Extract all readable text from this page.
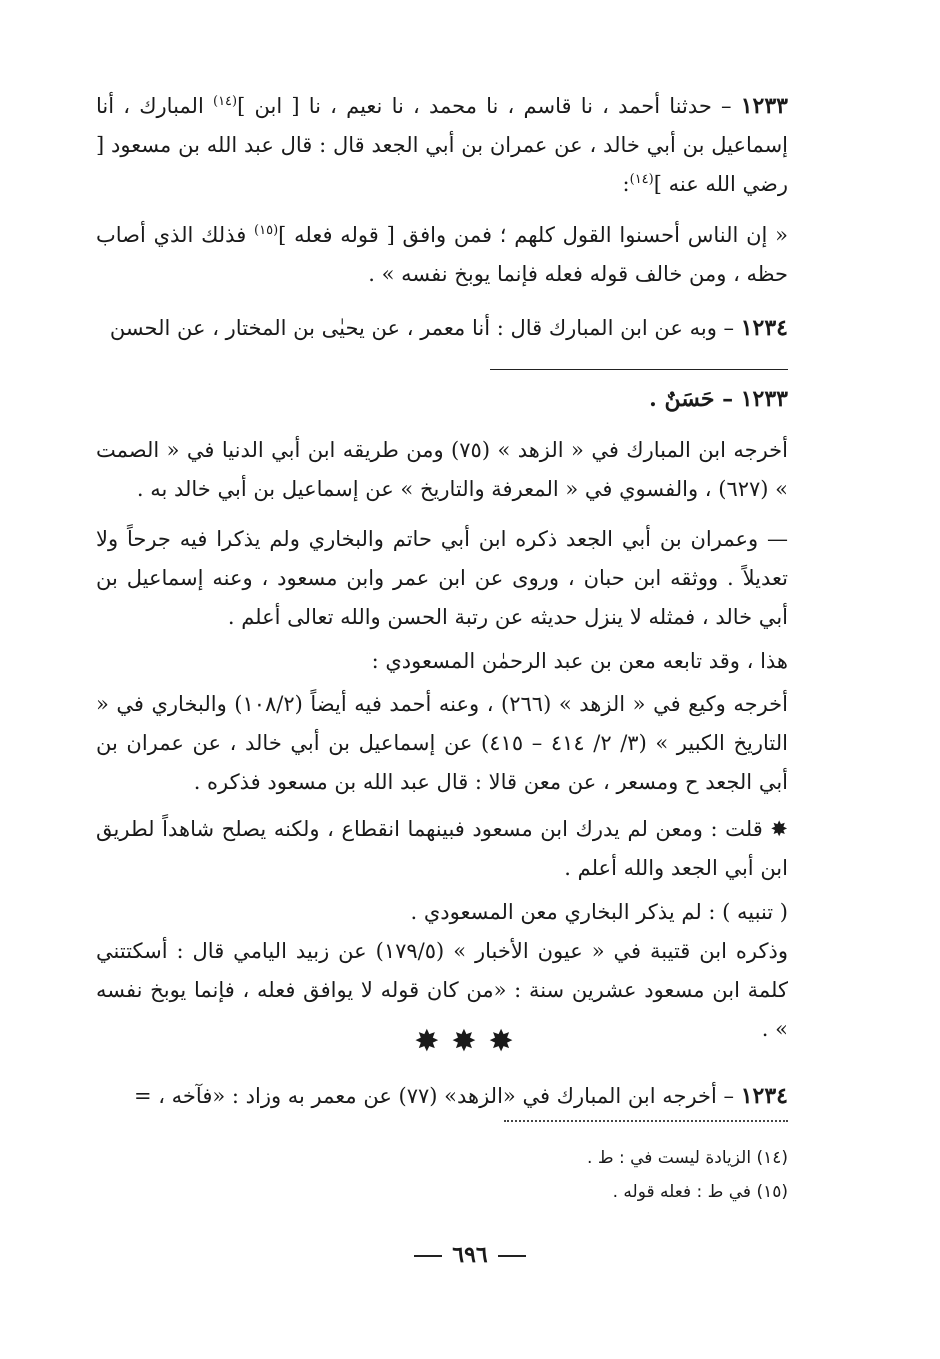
١٢٣٣ – حدثنا أحمد ، نا قاسم ، نا محمد ، نا نعيم ، نا [ ابن ]$^{(١٤)}$ المبارك ، أنا إسماعيل بن أبي خالد ، عن عمران بن أبي الجعد قال : قال عبد الله بن مسعود [ رضي الله عنه ]$^{(١٤)}$:

« إن الناس أحسنوا القول كلهم ؛ فمن وافق [ قوله فعله ]$^{(١٥)}$ فذلك الذي أصاب حظه ، ومن خالف قوله فعله فإنما يوبخ نفسه » .

١٢٣٤ – وبه عن ابن المبارك قال : أنا معمر ، عن يحيٰى بن المختار ، عن الحسن

١٢٣٣ – حَسَنٌ .

أخرجه ابن المبارك في « الزهد » (٧٥) ومن طريقه ابن أبي الدنيا في « الصمت » (٦٢٧) ، والفسوي في « المعرفة والتاريخ » عن إسماعيل بن أبي خالد به .

— وعمران بن أبي الجعد ذكره ابن أبي حاتم والبخاري ولم يذكرا فيه جرحاً ولا تعديلاً . ووثقه ابن حبان ، وروى عن ابن عمر وابن مسعود ، وعنه إسماعيل بن أبي خالد ، فمثله لا ينزل حديثه عن رتبة الحسن والله تعالى أعلم .

هذا ، وقد تابعه معن بن عبد الرحمٰن المسعودي :

أخرجه وكيع في « الزهد » (٢٦٦) ، وعنه أحمد فيه أيضاً (١٠٨/٢) والبخاري في « التاريخ الكبير » (٣/ ٢/ ٤١٤ – ٤١٥) عن إسماعيل بن أبي خالد ، عن عمران بن أبي الجعد ح ومسعر ، عن معن قالا : قال عبد الله بن مسعود فذكره .

✸ قلت : ومعن لم يدرك ابن مسعود فبينهما انقطاع ، ولكنه يصلح شاهداً لطريق ابن أبي الجعد والله أعلم .

( تنبيه ) : لم يذكر البخاري معن المسعودي .

وذكره ابن قتيبة في « عيون الأخبار » (١٧٩/٥) عن زبيد اليامي قال : أسكتتني كلمة ابن مسعود عشرين سنة : «من كان قوله لا يوافق فعله ، فإنما يوبخ نفسه » .

✸✸✸

١٢٣٤ – أخرجه ابن المبارك في «الزهد» (٧٧) عن معمر به وزاد : «فآخه ، =

(١٤) الزيادة ليست في : ط .
(١٥) في ط : فعله قوله .
٦٩٦
